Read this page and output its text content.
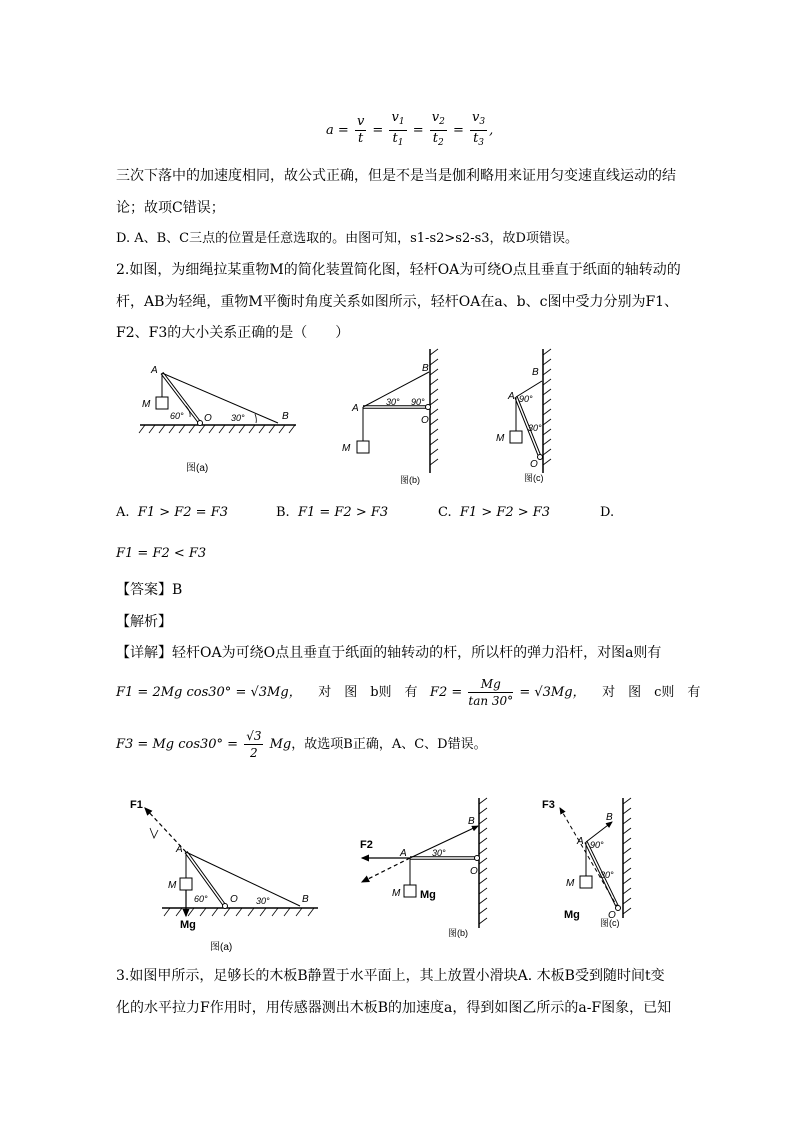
$a = \frac{v}{t} = \frac{v_1}{t_1} = \frac{v_2}{t_2} = \frac{v_3}{t_3}$ ,
三次下落中的加速度相同，故公式正确，但是不是当是伽利略用来证用匀变速直线运动的结
论；故项C错误；
D. A、B、C三点的位置是任意选取的。由图可知，s1-s2>s2-s3，故D项错误。
2.如图，为细绳拉某重物M的简化装置简化图，轻杆OA为可绕O点且垂直于纸面的轴转动的
杆，AB为轻绳，重物M平衡时角度关系如图所示，轻杆OA在a、b、c图中受力分别为F1、
F2、F3的大小关系正确的是（　　）
A
M
O	B
60°	30°
图(a)
A
M
O
B
30° 90°
图(b)
A
M
O
B
90°
30°
图(c)
A. F1 > F2 = F3	B. F1 = F2 > F3	C. F1 > F2 > F3	D.
F1 = F2 < F3
【答案】B
【解析】
【详解】轻杆OA为可绕O点且垂直于纸面的轴转动的杆，所以杆的弹力沿杆，对图a则有
F1 = 2Mg cos30° = √3Mg， 对　图　b则　有 $F2 = \frac{Mg}{\tan 30^\circ} = √3Mg$， 对　图　c则　有
F3 = Mg $\cos 30^\circ = \frac{√3}{2}$ Mg，故选项B正确，A、C、D错误。
F1
A
M
O	B
60°	30°
Mg
图(a)
F2
A
M Mg
O
B
30°
图(b)
F3
A
M
O
B
90°
30°
Mg
图(c)
3.如图甲所示，足够长的木板B静置于水平面上，其上放置小滑块A. 木板B受到随时间t变
化的水平拉力F作用时，用传感器测出木板B的加速度a，得到如图乙所示的a-F图象，已知
